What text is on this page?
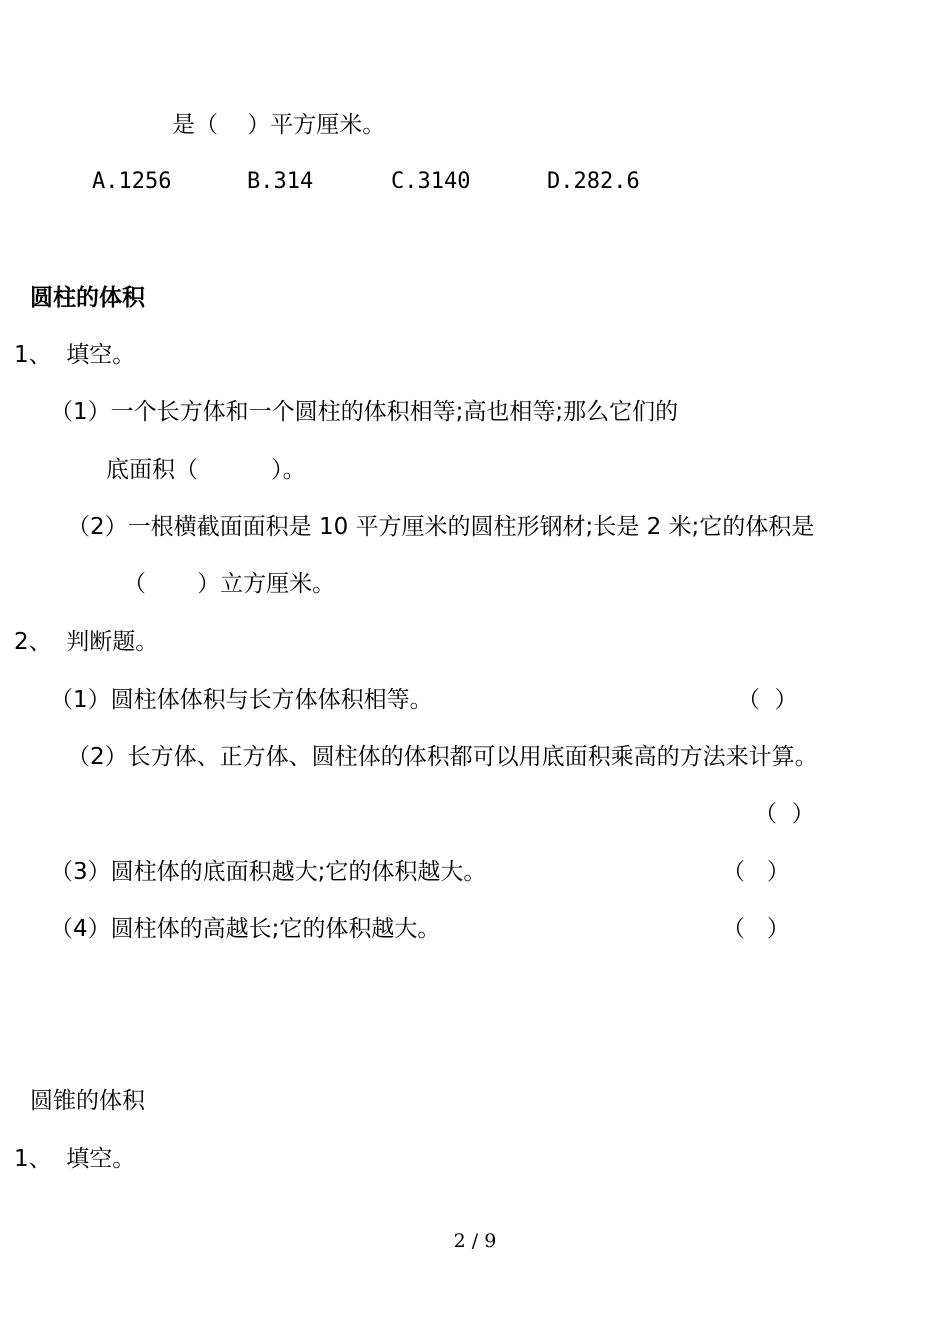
是（    ）平方厘米。

A.1256	B.314	C.3140	D.282.6

圆柱的体积

1、  填空。

（1）一个长方体和一个圆柱的体积相等;高也相等;那么它们的

底面积（          ）。

（2）一根横截面面积是 10 平方厘米的圆柱形钢材;长是 2 米;它的体积是

（       ）立方厘米。

2、  判断题。

（1）圆柱体体积与长方体体积相等。	（  ）

（2）长方体、正方体、圆柱体的体积都可以用底面积乘高的方法来计算。

（  ）

（3）圆柱体的底面积越大;它的体积越大。	（   ）

（4）圆柱体的高越长;它的体积越大。	（   ）

圆锥的体积

1、  填空。

2 / 9
